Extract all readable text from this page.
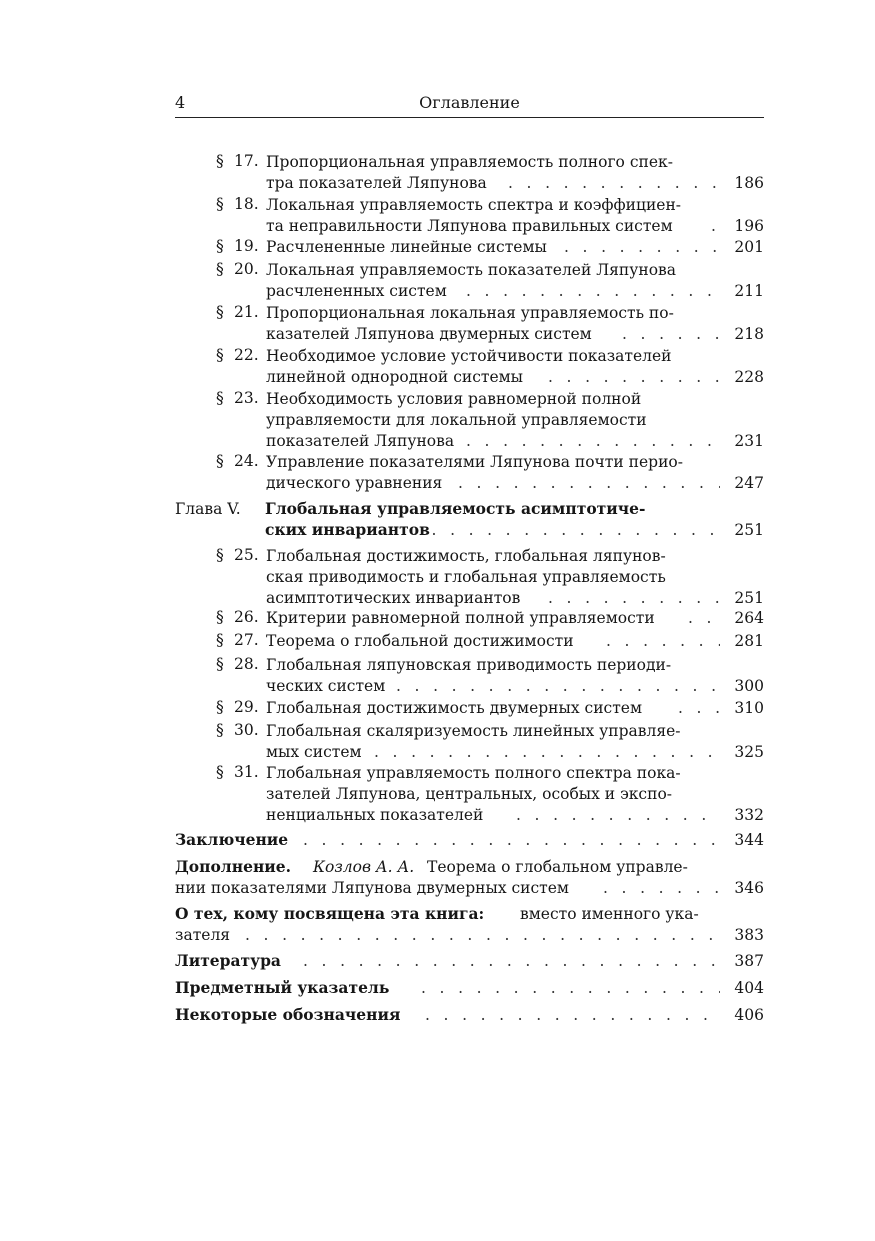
4	Оглавление
§ 17. Пропорциональная управляемость полного спек-
тра показателей Ляпунова . . .	186
§ 18. Локальная управляемость спектра и коэффициен-
та неправильности Ляпунова правильных систем . . .	196
§ 19. Расчлененные линейные системы . . .	201
§ 20. Локальная управляемость показателей Ляпунова
расчлененных систем . . .	211
§ 21. Пропорциональная локальная управляемость по-
казателей Ляпунова двумерных систем . . .	218
§ 22. Необходимое условие устойчивости показателей
линейной однородной системы . . .	228
§ 23. Необходимость условия равномерной полной
управляемости для локальной управляемости
показателей Ляпунова . . .	231
§ 24. Управление показателями Ляпунова почти перио-
дического уравнения . . .	247
Глава V. Глобальная управляемость асимптотиче-
ских инвариантов . . .	251
§ 25. Глобальная достижимость, глобальная ляпунов-
ская приводимость и глобальная управляемость
асимптотических инвариантов . . .	251
§ 26. Критерии равномерной полной управляемости . . .	264
§ 27. Теорема о глобальной достижимости . . .	281
§ 28. Глобальная ляпуновская приводимость периоди-
ческих систем . . .	300
§ 29. Глобальная достижимость двумерных систем . . .	310
§ 30. Глобальная скаляризуемость линейных управляе-
мых систем . . .	325
§ 31. Глобальная управляемость полного спектра пока-
зателей Ляпунова, центральных, особых и экспо-
ненциальных показателей . . .	332
Заключение . . .	344
Дополнение. Козлов А. А. Теорема о глобальном управле-
нии показателями Ляпунова двумерных систем . . .	346
О тех, кому посвящена эта книга: вместо именного ука-
зателя . . .	383
Литература . . .	387
Предметный указатель . . .	404
Некоторые обозначения . . .	406
